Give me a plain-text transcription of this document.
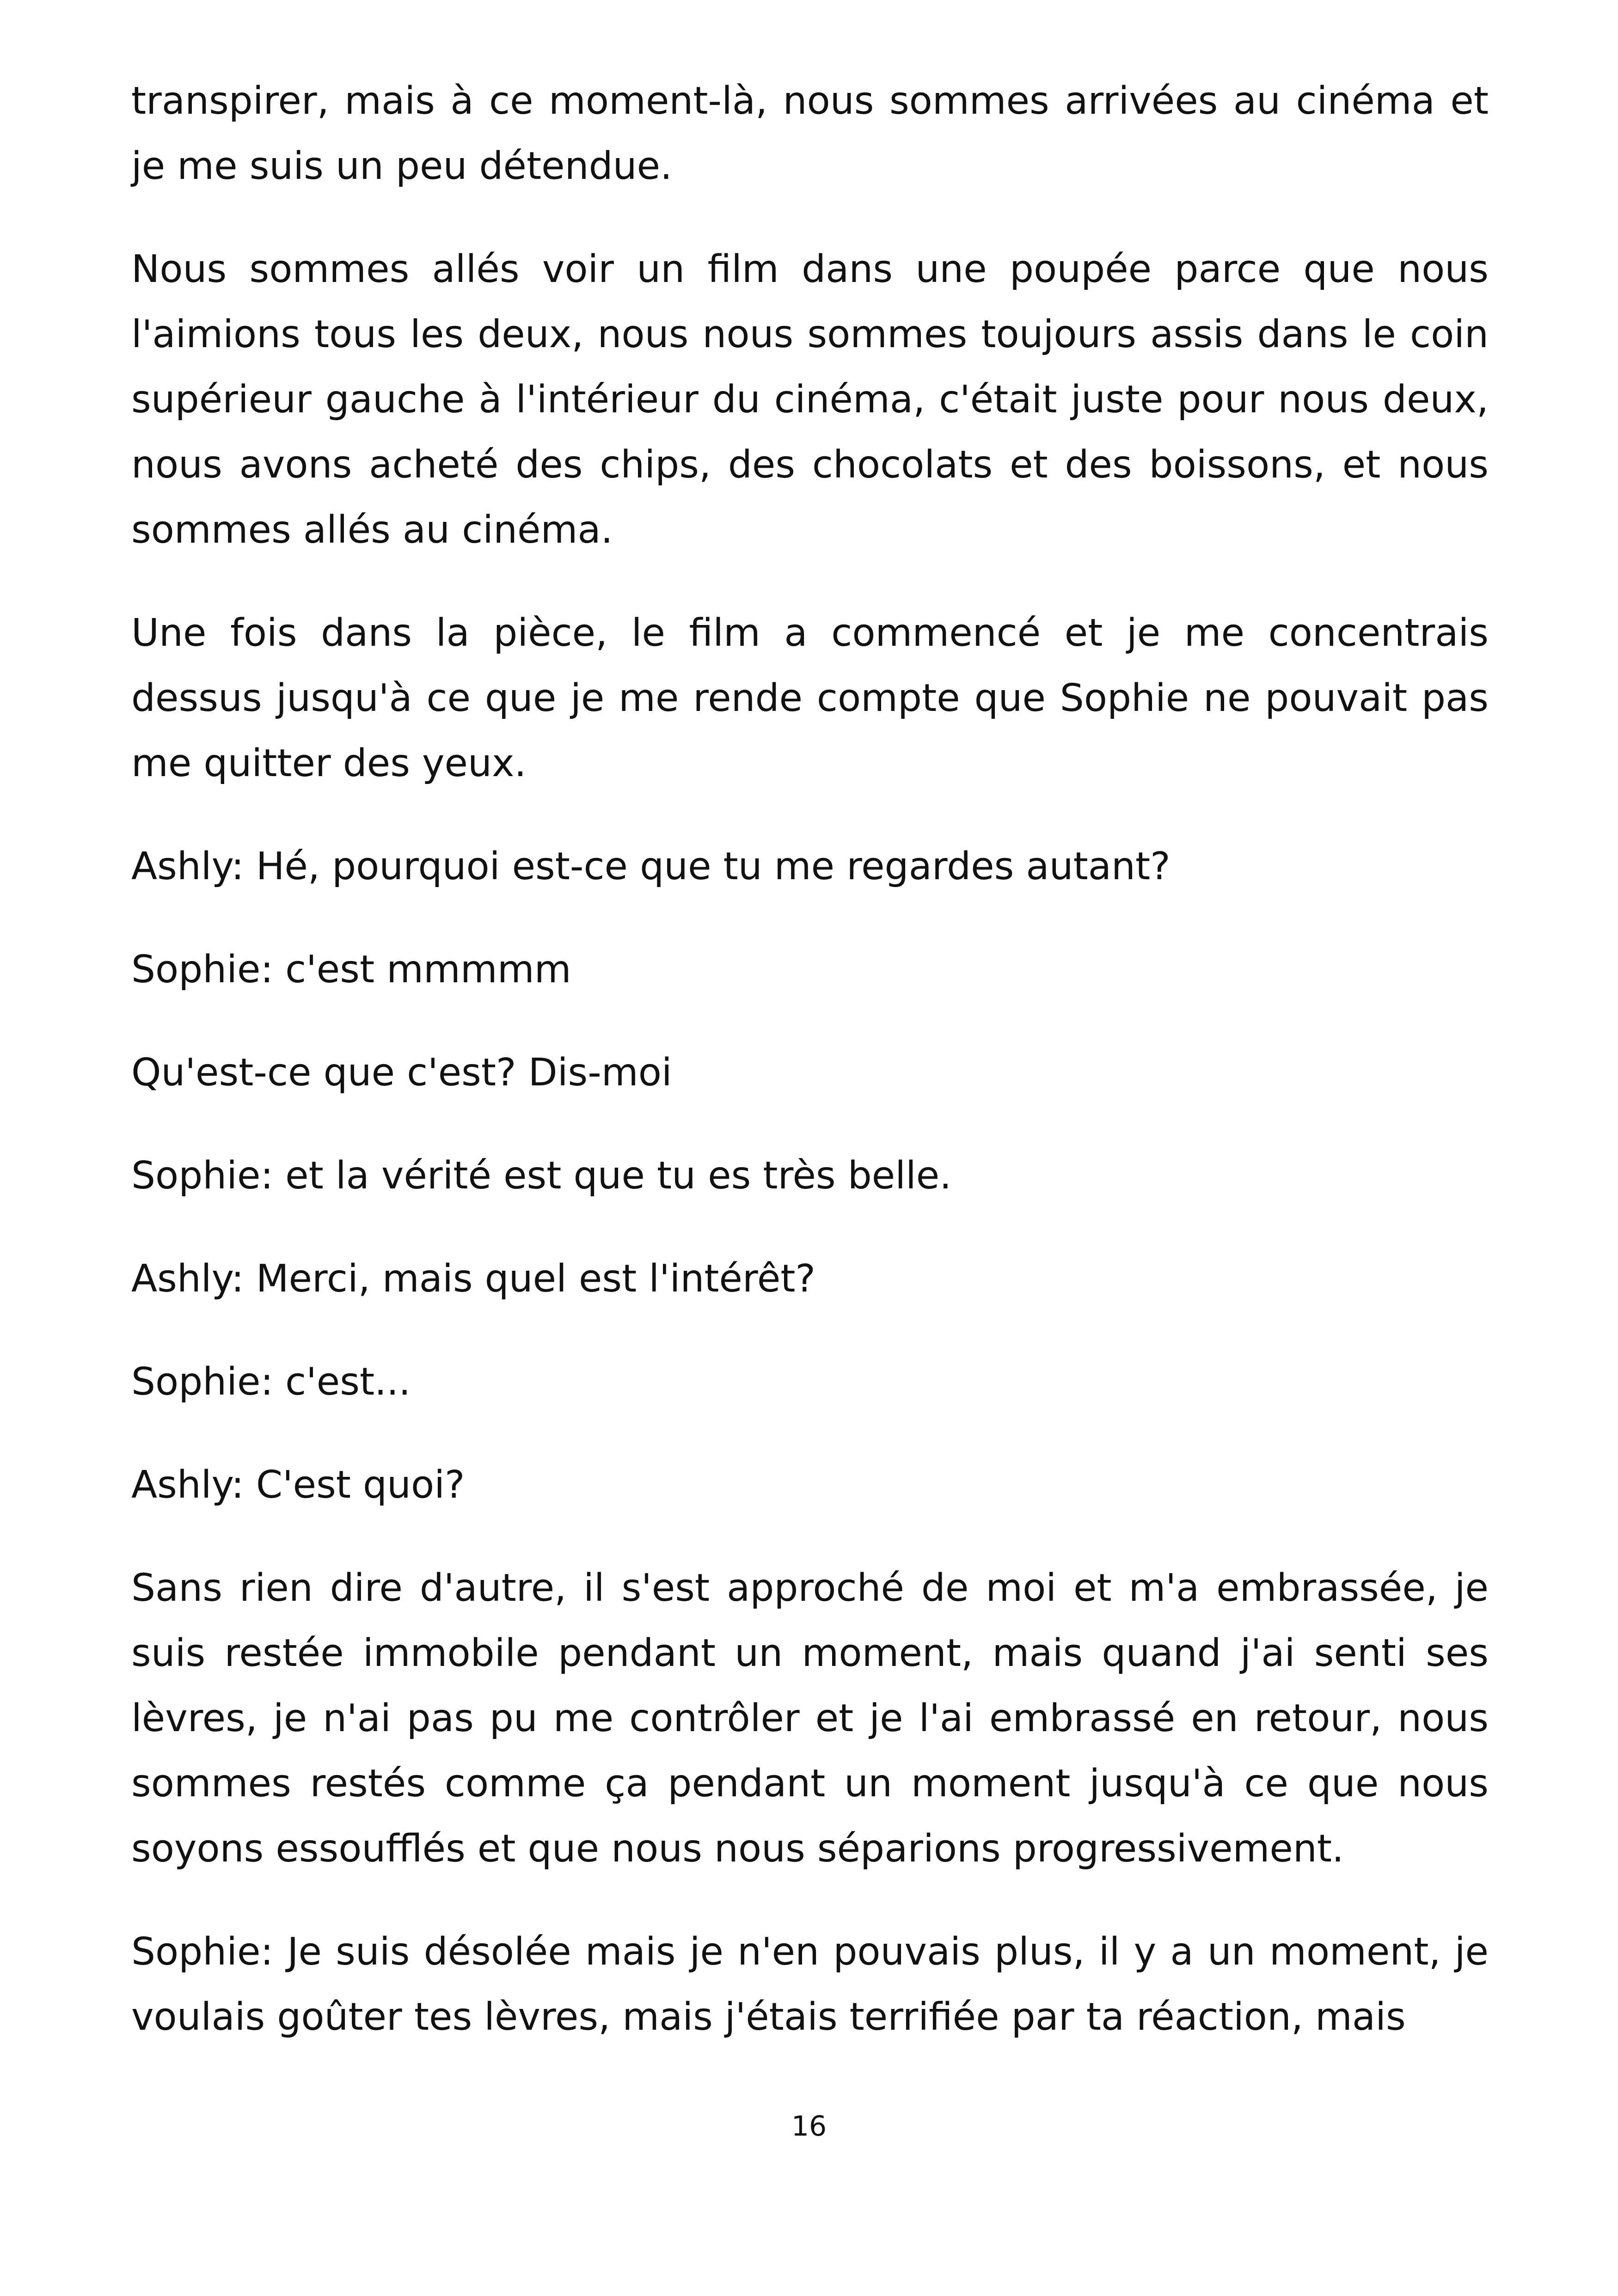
transpirer, mais à ce moment-là, nous sommes arrivées au cinéma et je me suis un peu détendue.

Nous sommes allés voir un film dans une poupée parce que nous l'aimions tous les deux, nous nous sommes toujours assis dans le coin supérieur gauche à l'intérieur du cinéma, c'était juste pour nous deux, nous avons acheté des chips, des chocolats et des boissons, et nous sommes allés au cinéma.

Une fois dans la pièce, le film a commencé et je me concentrais dessus jusqu'à ce que je me rende compte que Sophie ne pouvait pas me quitter des yeux.

Ashly: Hé, pourquoi est-ce que tu me regardes autant?

Sophie: c'est mmmmm

Qu'est-ce que c'est? Dis-moi

Sophie: et la vérité est que tu es très belle.

Ashly: Merci, mais quel est l'intérêt?

Sophie: c'est...

Ashly: C'est quoi?

Sans rien dire d'autre, il s'est approché de moi et m'a embrassée, je suis restée immobile pendant un moment, mais quand j'ai senti ses lèvres, je n'ai pas pu me contrôler et je l'ai embrassé en retour, nous sommes restés comme ça pendant un moment jusqu'à ce que nous soyons essoufflés et que nous nous séparions progressivement.

Sophie: Je suis désolée mais je n'en pouvais plus, il y a un moment, je voulais goûter tes lèvres, mais j'étais terrifiée par ta réaction, mais

16
